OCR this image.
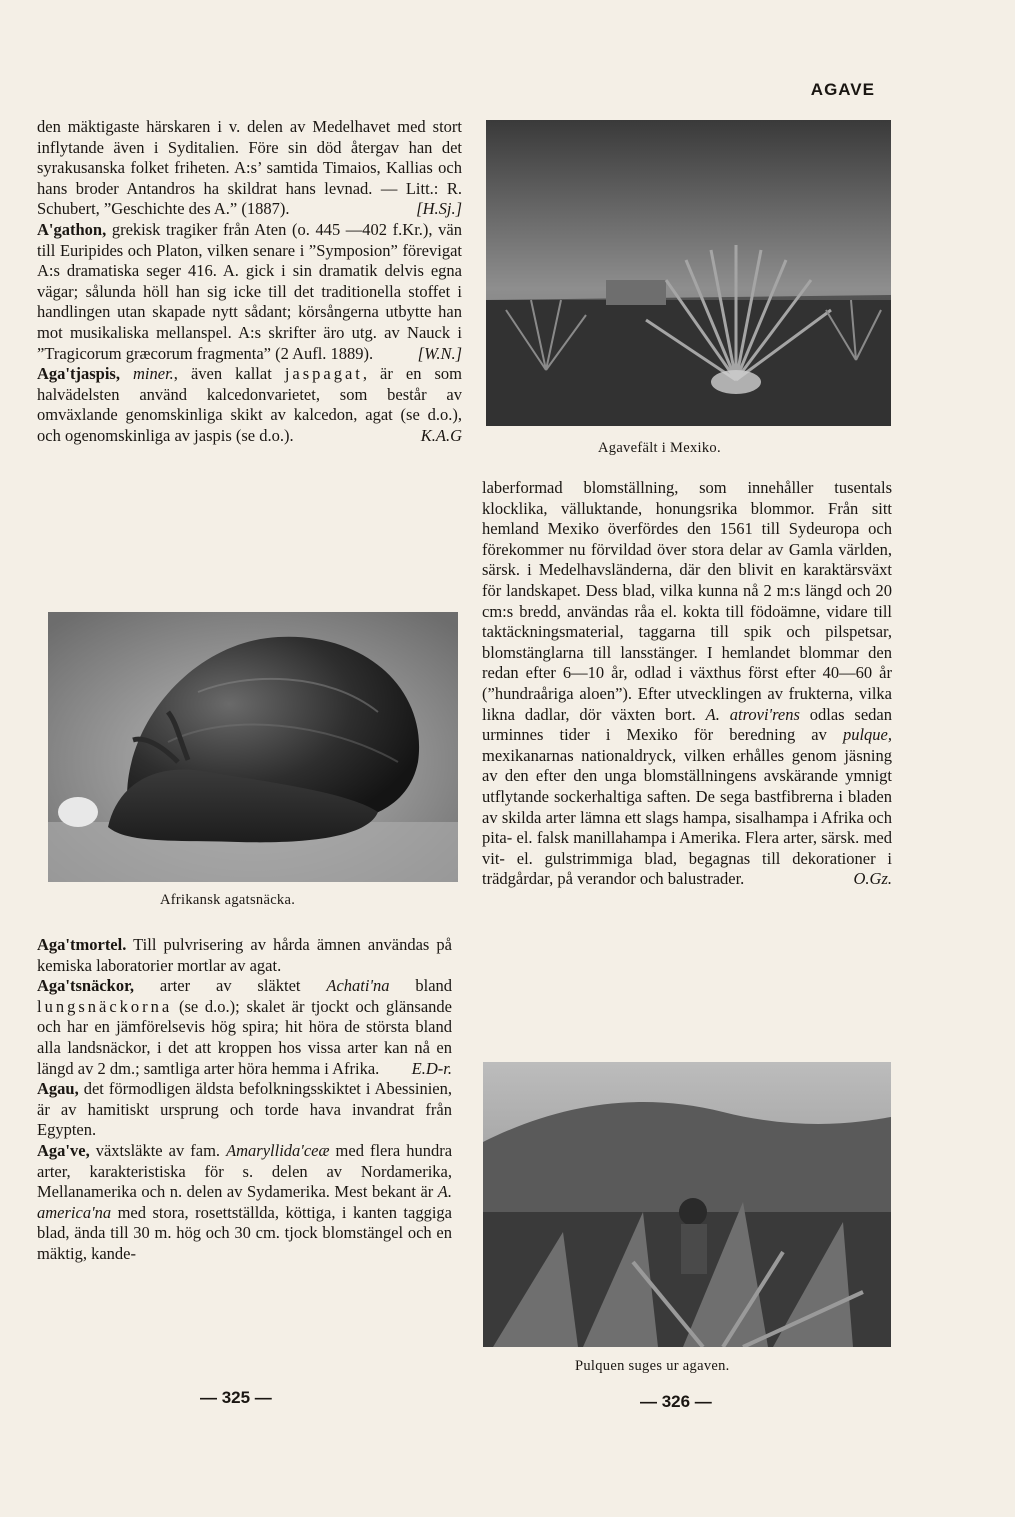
AGAVE

den mäktigaste härskaren i v. delen av Medelhavet med stort inflytande även i Syditalien. Före sin död återgav han det syrakusanska folket friheten. A:s’ samtida Timaios, Kallias och hans broder Antandros ha skildrat hans levnad. — Litt.: R. Schubert, ”Geschichte des A.” (1887).	[H.Sj.]

A'gathon, grekisk tragiker från Aten (o. 445 —402 f.Kr.), vän till Euripides och Platon, vilken senare i ”Symposion” förevigat A:s dramatiska seger 416. A. gick i sin dramatik delvis egna vägar; sålunda höll han sig icke till det traditionella stoffet i handlingen utan skapade nytt sådant; körsångerna utbytte han mot musikaliska mellanspel. A:s skrifter äro utg. av Nauck i ”Tragicorum græcorum fragmenta” (2 Aufl. 1889).	[W.N.]

Aga'tjaspis, miner., även kallat jaspagat, är en som halvädelsten använd kalcedonvarietet, som består av omväxlande genomskinliga skikt av kalcedon, agat (se d.o.), och ogenomskinliga av jaspis (se d.o.).	K.A.G

Afrikansk agatsnäcka.

Aga'tmortel. Till pulvrisering av hårda ämnen användas på kemiska laboratorier mortlar av agat.

Aga'tsnäckor, arter av släktet Achati'na bland lungsnäckorna (se d.o.); skalet är tjockt och glänsande och har en jämförelsevis hög spira; hit höra de största bland alla landsnäckor, i det att kroppen hos vissa arter kan nå en längd av 2 dm.; samtliga arter höra hemma i Afrika. E.D-r.

Agau, det förmodligen äldsta befolkningsskiktet i Abessinien, är av hamitiskt ursprung och torde hava invandrat från Egypten.

Aga've, växtsläkte av fam. Amaryllida'ceæ med flera hundra arter, karakteristiska för s. delen av Nordamerika, Mellanamerika och n. delen av Sydamerika. Mest bekant är A. america'na med stora, rosettställda, köttiga, i kanten taggiga blad, ända till 30 m. hög och 30 cm. tjock blomstängel och en mäktig, kande-

— 325 —
Agavefält i Mexiko.

laberformad blomställning, som innehåller tusentals klocklika, välluktande, honungsrika blommor. Från sitt hemland Mexiko överfördes den 1561 till Sydeuropa och förekommer nu förvildad över stora delar av Gamla världen, särsk. i Medelhavsländerna, där den blivit en karaktärsväxt för landskapet. Dess blad, vilka kunna nå 2 m:s längd och 20 cm:s bredd, användas råa el. kokta till födoämne, vidare till taktäckningsmaterial, taggarna till spik och pilspetsar, blomstänglarna till lansstänger. I hemlandet blommar den redan efter 6—10 år, odlad i växthus först efter 40—60 år (”hundraåriga aloen”). Efter utvecklingen av frukterna, vilka likna dadlar, dör växten bort. A. atrovi'rens odlas sedan urminnes tider i Mexiko för beredning av pulque, mexikanarnas nationaldryck, vilken erhålles genom jäsning av den efter den unga blomställningens avskärande ymnigt utflytande sockerhaltiga saften. De sega bastfibrerna i bladen av skilda arter lämna ett slags hampa, sisalhampa i Afrika och pita- el. falsk manillahampa i Amerika. Flera arter, särsk. med vit- el. gulstrimmiga blad, begagnas till dekorationer i trädgårdar, på verandor och balustrader.	O.Gz.

Pulquen suges ur agaven.
— 326 —
